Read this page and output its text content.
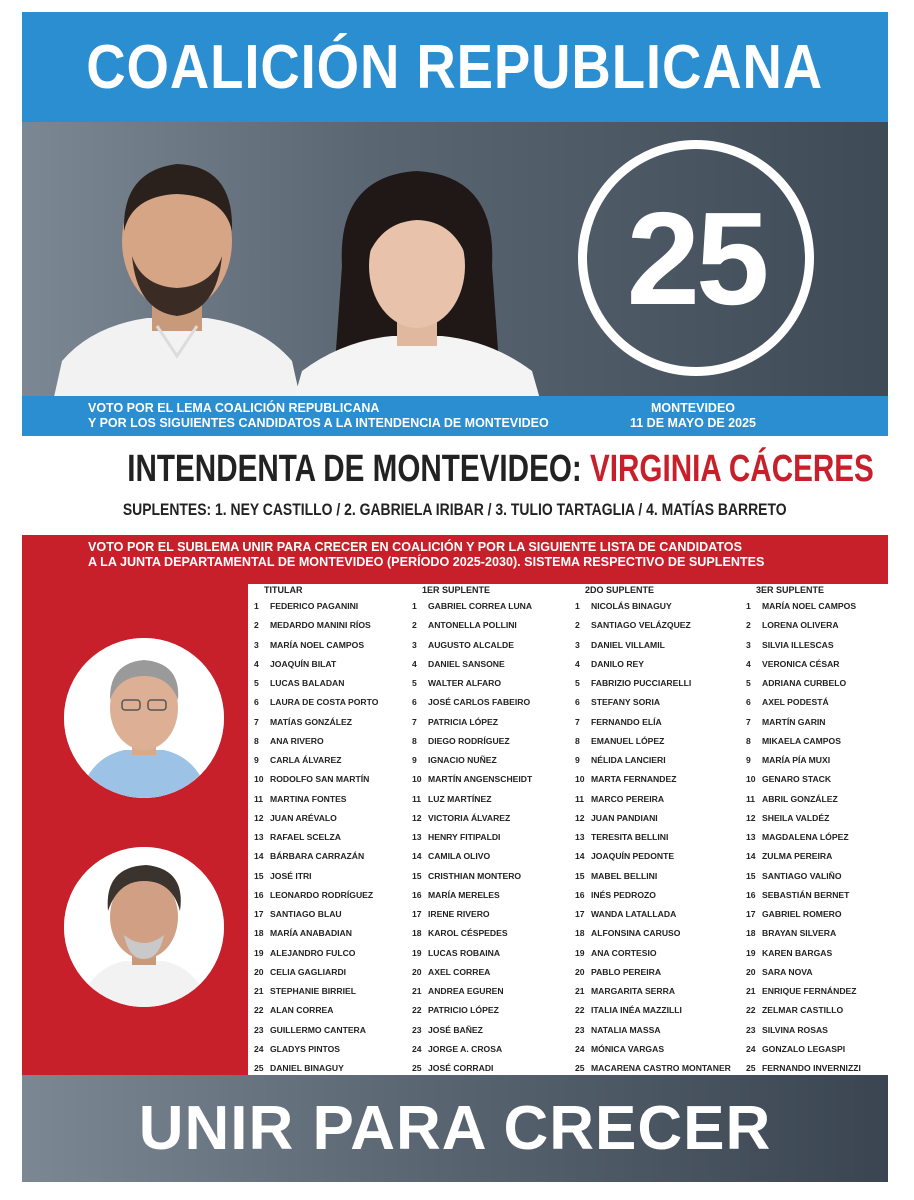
COALICIÓN REPUBLICANA
25
VOTO POR EL LEMA COALICIÓN REPUBLICANA
Y POR LOS SIGUIENTES CANDIDATOS A LA INTENDENCIA DE MONTEVIDEO
MONTEVIDEO
11 DE MAYO DE 2025
INTENDENTA DE MONTEVIDEO: VIRGINIA CÁCERES
SUPLENTES: 1. NEY CASTILLO / 2. GABRIELA IRIBAR / 3. TULIO TARTAGLIA / 4. MATÍAS BARRETO
VOTO POR EL SUBLEMA UNIR PARA CRECER EN COALICIÓN Y POR LA SIGUIENTE LISTA DE CANDIDATOS
A LA JUNTA DEPARTAMENTAL DE MONTEVIDEO (PERÍODO 2025-2030). SISTEMA RESPECTIVO DE SUPLENTES
TITULAR
1 FEDERICO PAGANINI
2 MEDARDO MANINI RÍOS
3 MARÍA NOEL CAMPOS
4 JOAQUÍN BILAT
5 LUCAS BALADAN
6 LAURA DE COSTA PORTO
7 MATÍAS GONZÁLEZ
8 ANA RIVERO
9 CARLA ÁLVAREZ
10 RODOLFO SAN MARTÍN
11 MARTINA FONTES
12 JUAN ARÉVALO
13 RAFAEL SCELZA
14 BÁRBARA CARRAZÁN
15 JOSÉ ITRI
16 LEONARDO RODRÍGUEZ
17 SANTIAGO BLAU
18 MARÍA ANABADIAN
19 ALEJANDRO FULCO
20 CELIA GAGLIARDI
21 STEPHANIE BIRRIEL
22 ALAN CORREA
23 GUILLERMO CANTERA
24 GLADYS PINTOS
25 DANIEL BINAGUY
1ER SUPLENTE
1 GABRIEL CORREA LUNA
2 ANTONELLA POLLINI
3 AUGUSTO ALCALDE
4 DANIEL SANSONE
5 WALTER ALFARO
6 JOSÉ CARLOS FABEIRO
7 PATRICIA LÓPEZ
8 DIEGO RODRÍGUEZ
9 IGNACIO NUÑEZ
10 MARTÍN ANGENSCHEIDT
11 LUZ MARTÍNEZ
12 VICTORIA ÁLVAREZ
13 HENRY FITIPALDI
14 CAMILA OLIVO
15 CRISTHIAN MONTERO
16 MARÍA MERELES
17 IRENE RIVERO
18 KAROL CÉSPEDES
19 LUCAS ROBAINA
20 AXEL CORREA
21 ANDREA EGUREN
22 PATRICIO LÓPEZ
23 JOSÉ BAÑEZ
24 JORGE A. CROSA
25 JOSÉ CORRADI
2DO SUPLENTE
1 NICOLÁS BINAGUY
2 SANTIAGO VELÁZQUEZ
3 DANIEL VILLAMIL
4 DANILO REY
5 FABRIZIO PUCCIARELLI
6 STEFANY SORIA
7 FERNANDO ELÍA
8 EMANUEL LÓPEZ
9 NÉLIDA LANCIERI
10 MARTA FERNANDEZ
11 MARCO PEREIRA
12 JUAN PANDIANI
13 TERESITA BELLINI
14 JOAQUÍN PEDONTE
15 MABEL BELLINI
16 INÉS PEDROZO
17 WANDA LATALLADA
18 ALFONSINA CARUSO
19 ANA CORTESIO
20 PABLO PEREIRA
21 MARGARITA SERRA
22 ITALIA INÉA MAZZILLI
23 NATALIA MASSA
24 MÓNICA VARGAS
25 MACARENA CASTRO MONTANER
3ER SUPLENTE
1 MARÍA NOEL CAMPOS
2 LORENA OLIVERA
3 SILVIA ILLESCAS
4 VERONICA CÉSAR
5 ADRIANA CURBELO
6 AXEL PODESTÁ
7 MARTÍN GARIN
8 MIKAELA CAMPOS
9 MARÍA PÍA MUXI
10 GENARO STACK
11 ABRIL GONZÁLEZ
12 SHEILA VALDÉZ
13 MAGDALENA LÓPEZ
14 ZULMA PEREIRA
15 SANTIAGO VALIÑO
16 SEBASTIÁN BERNET
17 GABRIEL ROMERO
18 BRAYAN SILVERA
19 KAREN BARGAS
20 SARA NOVA
21 ENRIQUE FERNÁNDEZ
22 ZELMAR CASTILLO
23 SILVINA ROSAS
24 GONZALO LEGASPI
25 FERNANDO INVERNIZZI
UNIR PARA CRECER
